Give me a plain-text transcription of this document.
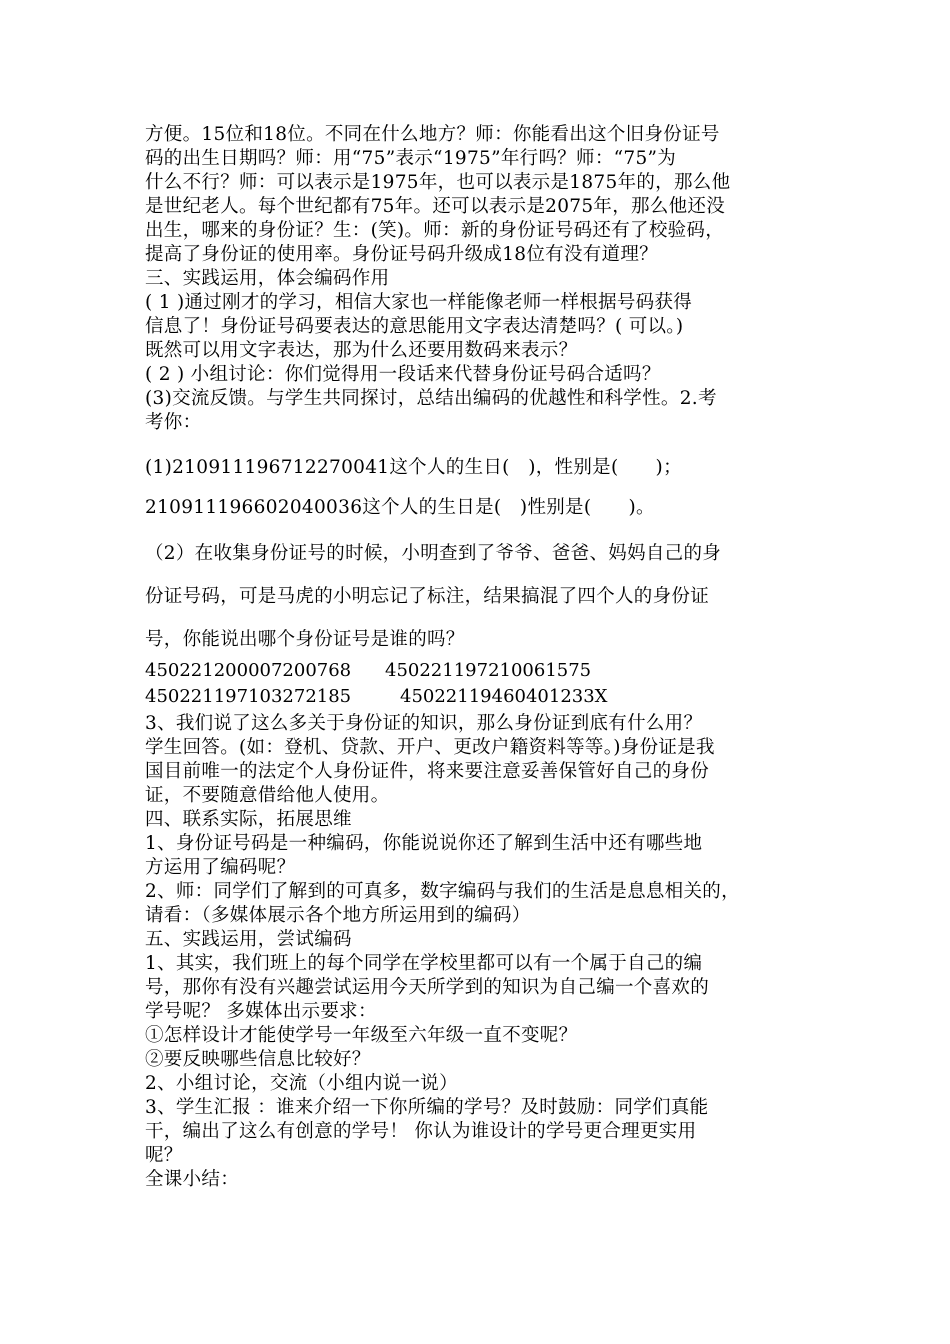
方便。15位和18位。不同在什么地方？师：你能看出这个旧身份证号
码的出生日期吗？师：用“75”表示“1975”年行吗？师：“75”为
什么不行？师：可以表示是1975年，也可以表示是1875年的，那么他
是世纪老人。每个世纪都有75年。还可以表示是2075年，那么他还没
出生，哪来的身份证？生：(笑)。师：新的身份证号码还有了校验码，
提高了身份证的使用率。身份证号码升级成18位有没有道理？
三、实践运用，体会编码作用
( 1 )通过刚才的学习，相信大家也一样能像老师一样根据号码获得
信息了！身份证号码要表达的意思能用文字表达清楚吗？( 可以。)
既然可以用文字表达，那为什么还要用数码来表示？
( 2 ) 小组讨论：你们觉得用一段话来代替身份证号码合适吗？
(3)交流反馈。与学生共同探讨，总结出编码的优越性和科学性。2.考
考你：
(1)210911196712270041这个人的生日(   )，性别是(      )；
210911196602040036这个人的生日是(   )性别是(      )。
（2）在收集身份证号的时候，小明查到了爷爷、爸爸、妈妈自己的身
份证号码，可是马虎的小明忘记了标注，结果搞混了四个人的身份证
号，你能说出哪个身份证号是谁的吗？
450221200007200768 450221197210061575
450221197103272185	45022119460401233X
3、我们说了这么多关于身份证的知识，那么身份证到底有什么用？
学生回答。(如：登机、贷款、开户、更改户籍资料等等。)身份证是我
国目前唯一的法定个人身份证件，将来要注意妥善保管好自己的身份
证，不要随意借给他人使用。
四、联系实际，拓展思维
1、身份证号码是一种编码，你能说说你还了解到生活中还有哪些地
方运用了编码呢？
2、师：同学们了解到的可真多，数字编码与我们的生活是息息相关的，
请看：（多媒体展示各个地方所运用到的编码）
五、实践运用，尝试编码
1、其实，我们班上的每个同学在学校里都可以有一个属于自己的编
号，那你有没有兴趣尝试运用今天所学到的知识为自己编一个喜欢的
学号呢？ 多媒体出示要求：
①怎样设计才能使学号一年级至六年级一直不变呢？
②要反映哪些信息比较好？
2、小组讨论，交流（小组内说一说）
3、学生汇报 ：谁来介绍一下你所编的学号？及时鼓励：同学们真能
干，编出了这么有创意的学号！ 你认为谁设计的学号更合理更实用
呢？
全课小结：
